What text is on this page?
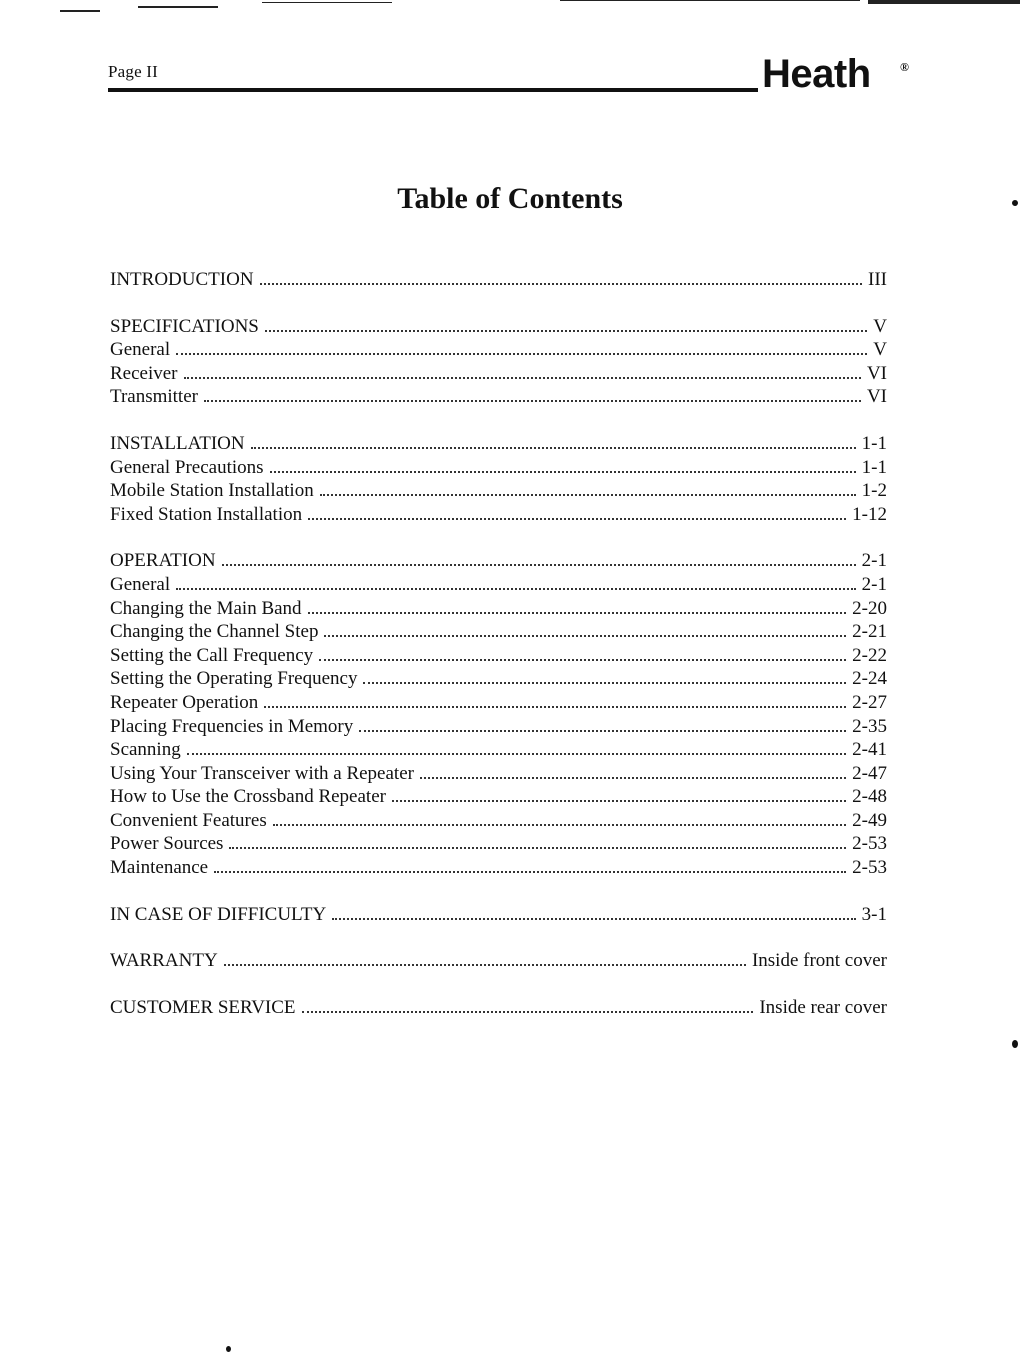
Page II	Heath ®
Table of Contents
INTRODUCTION	III
SPECIFICATIONS	V
General	V
Receiver	VI
Transmitter	VI
INSTALLATION	1-1
General Precautions	1-1
Mobile Station Installation	1-2
Fixed Station Installation	1-12
OPERATION	2-1
General	2-1
Changing the Main Band	2-20
Changing the Channel Step	2-21
Setting the Call Frequency	2-22
Setting the Operating Frequency	2-24
Repeater Operation	2-27
Placing Frequencies in Memory	2-35
Scanning	2-41
Using Your Transceiver with a Repeater	2-47
How to Use the Crossband Repeater	2-48
Convenient Features	2-49
Power Sources	2-53
Maintenance	2-53
IN CASE OF DIFFICULTY	3-1
WARRANTY	Inside front cover
CUSTOMER SERVICE	Inside rear cover
